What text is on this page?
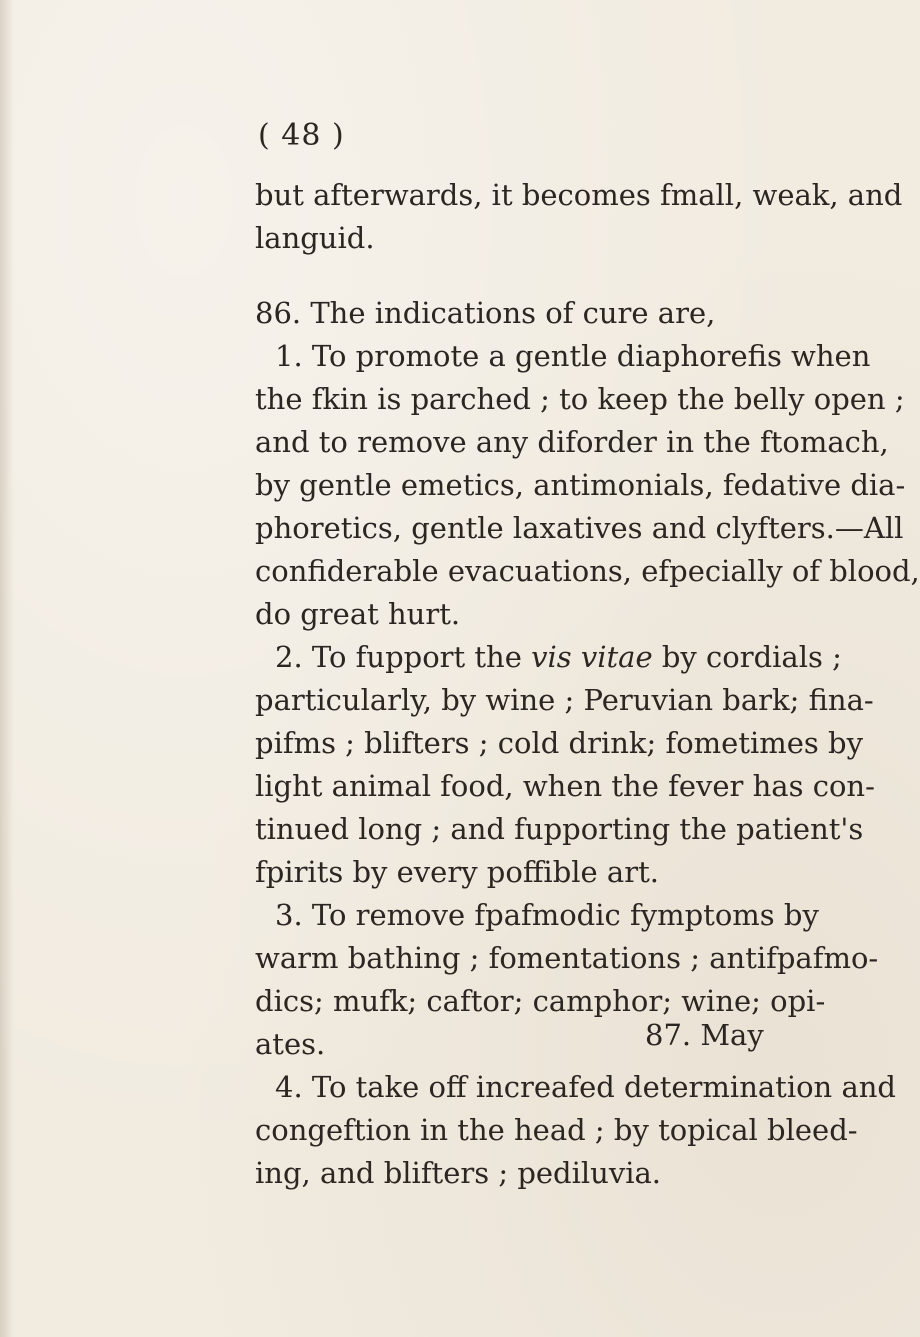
( 48 )
but afterwards, it becomes fmall, weak, and
languid.
86. The indications of cure are,
1. To promote a gentle diaphorefis when
the fkin is parched ; to keep the belly open ;
and to remove any diforder in the ftomach,
by gentle emetics, antimonials, fedative dia-
phoretics, gentle laxatives and clyfters.—All
confiderable evacuations, efpecially of blood,
do great hurt.
2. To fupport the vis vitae by cordials ;
particularly, by wine ; Peruvian bark; fina-
pifms ; blifters ; cold drink; fometimes by
light animal food, when the fever has con-
tinued long ; and fupporting the patient's
fpirits by every poffible art.
3. To remove fpafmodic fymptoms by
warm bathing ; fomentations ; antifpafmo-
dics; mufk; caftor; camphor; wine; opi-
ates.
4. To take off increafed determination and
congeftion in the head ; by topical bleed-
ing, and blifters ; pediluvia.
87. May
